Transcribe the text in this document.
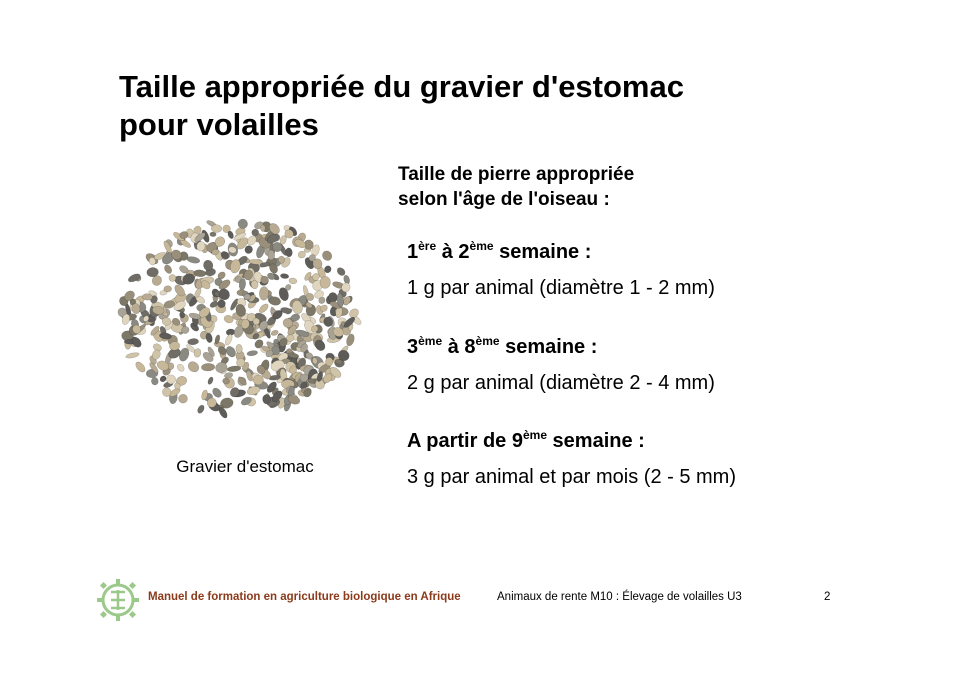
Taille appropriée du gravier d'estomac
pour volailles
Taille de pierre appropriée
selon l'âge de l'oiseau :
1ère à 2ème semaine :
1 g par animal (diamètre 1 - 2 mm)
3ème à 8ème semaine :
2 g par animal (diamètre 2 - 4 mm)
A partir de 9ème semaine :
3 g par animal et par mois (2 - 5 mm)
Gravier d'estomac
Manuel de formation en agriculture biologique en Afrique	Animaux de rente M10 : Élevage de volailles U3	2
